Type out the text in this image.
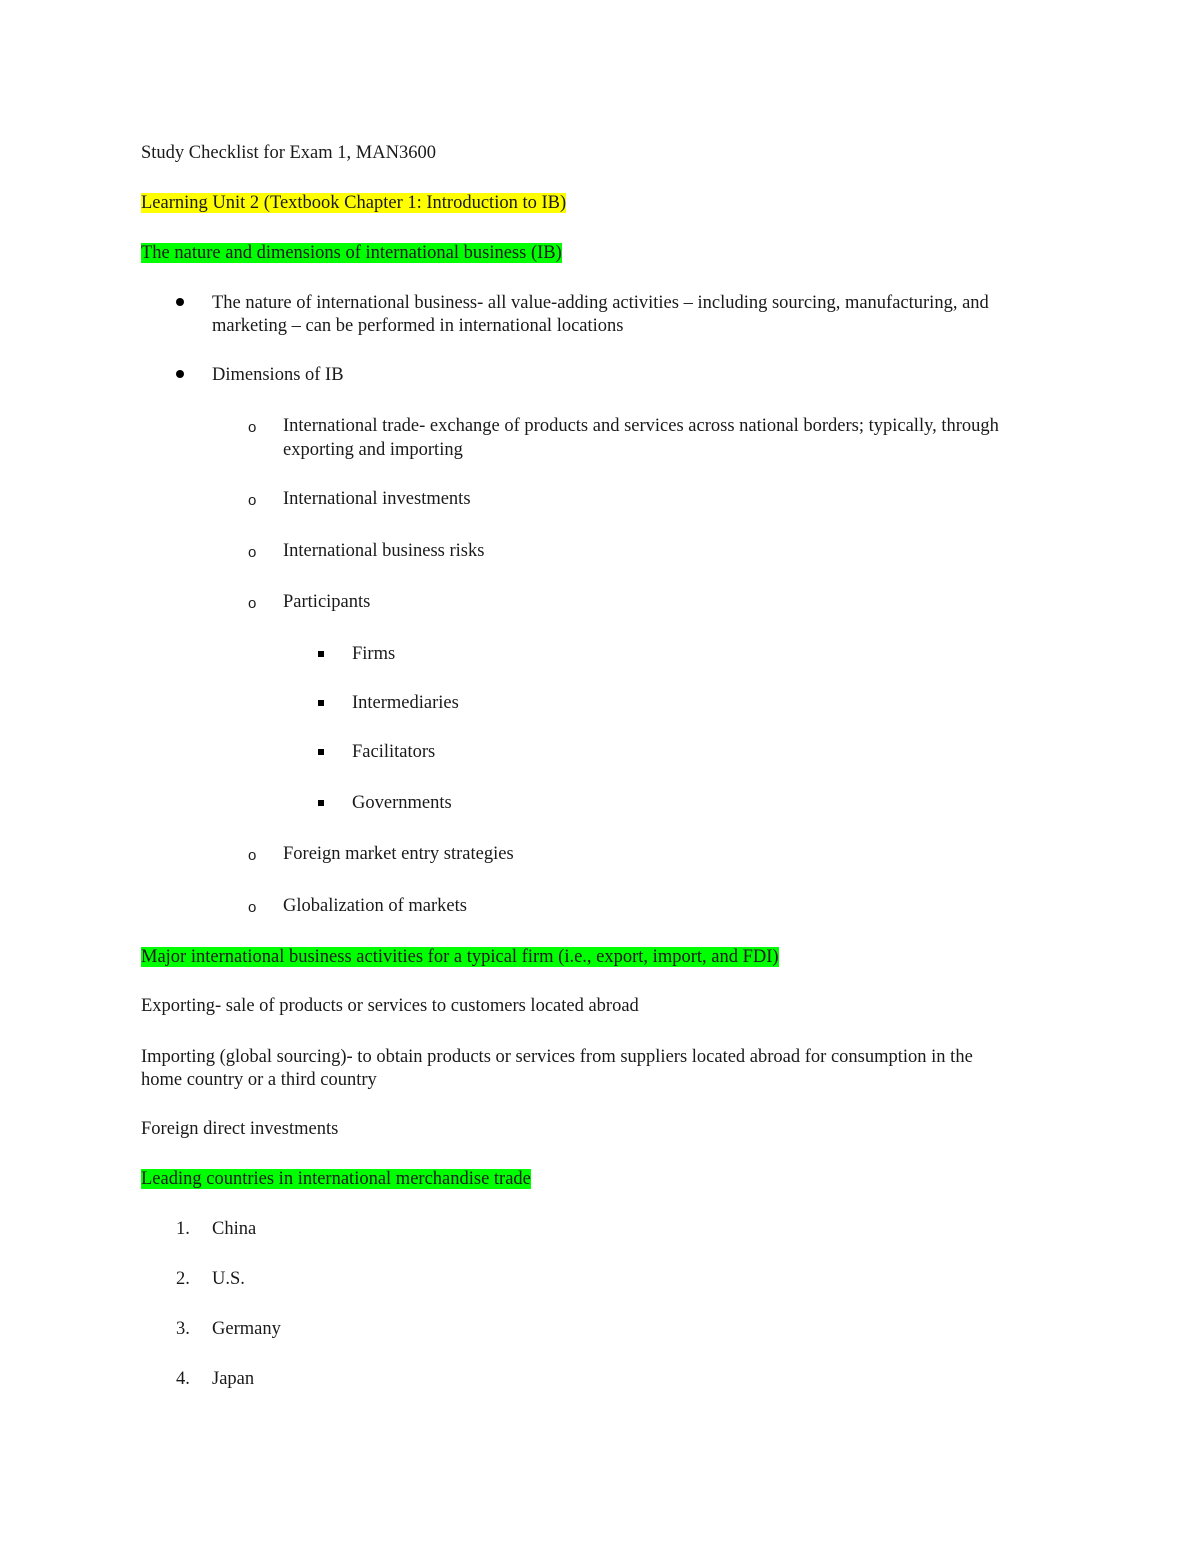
Study Checklist for Exam 1, MAN3600
Learning Unit 2 (Textbook Chapter 1: Introduction to IB)
The nature and dimensions of international business (IB)
The nature of international business- all value-adding activities – including sourcing, manufacturing, and
marketing – can be performed in international locations
Dimensions of IB
o International trade- exchange of products and services across national borders; typically, through
exporting and importing
o International investments
o International business risks
o Participants
Firms
Intermediaries
Facilitators
Governments
o Foreign market entry strategies
o Globalization of markets
Major international business activities for a typical firm (i.e., export, import, and FDI)
Exporting- sale of products or services to customers located abroad
Importing (global sourcing)- to obtain products or services from suppliers located abroad for consumption in the
home country or a third country
Foreign direct investments
Leading countries in international merchandise trade
1. China
2. U.S.
3. Germany
4. Japan
